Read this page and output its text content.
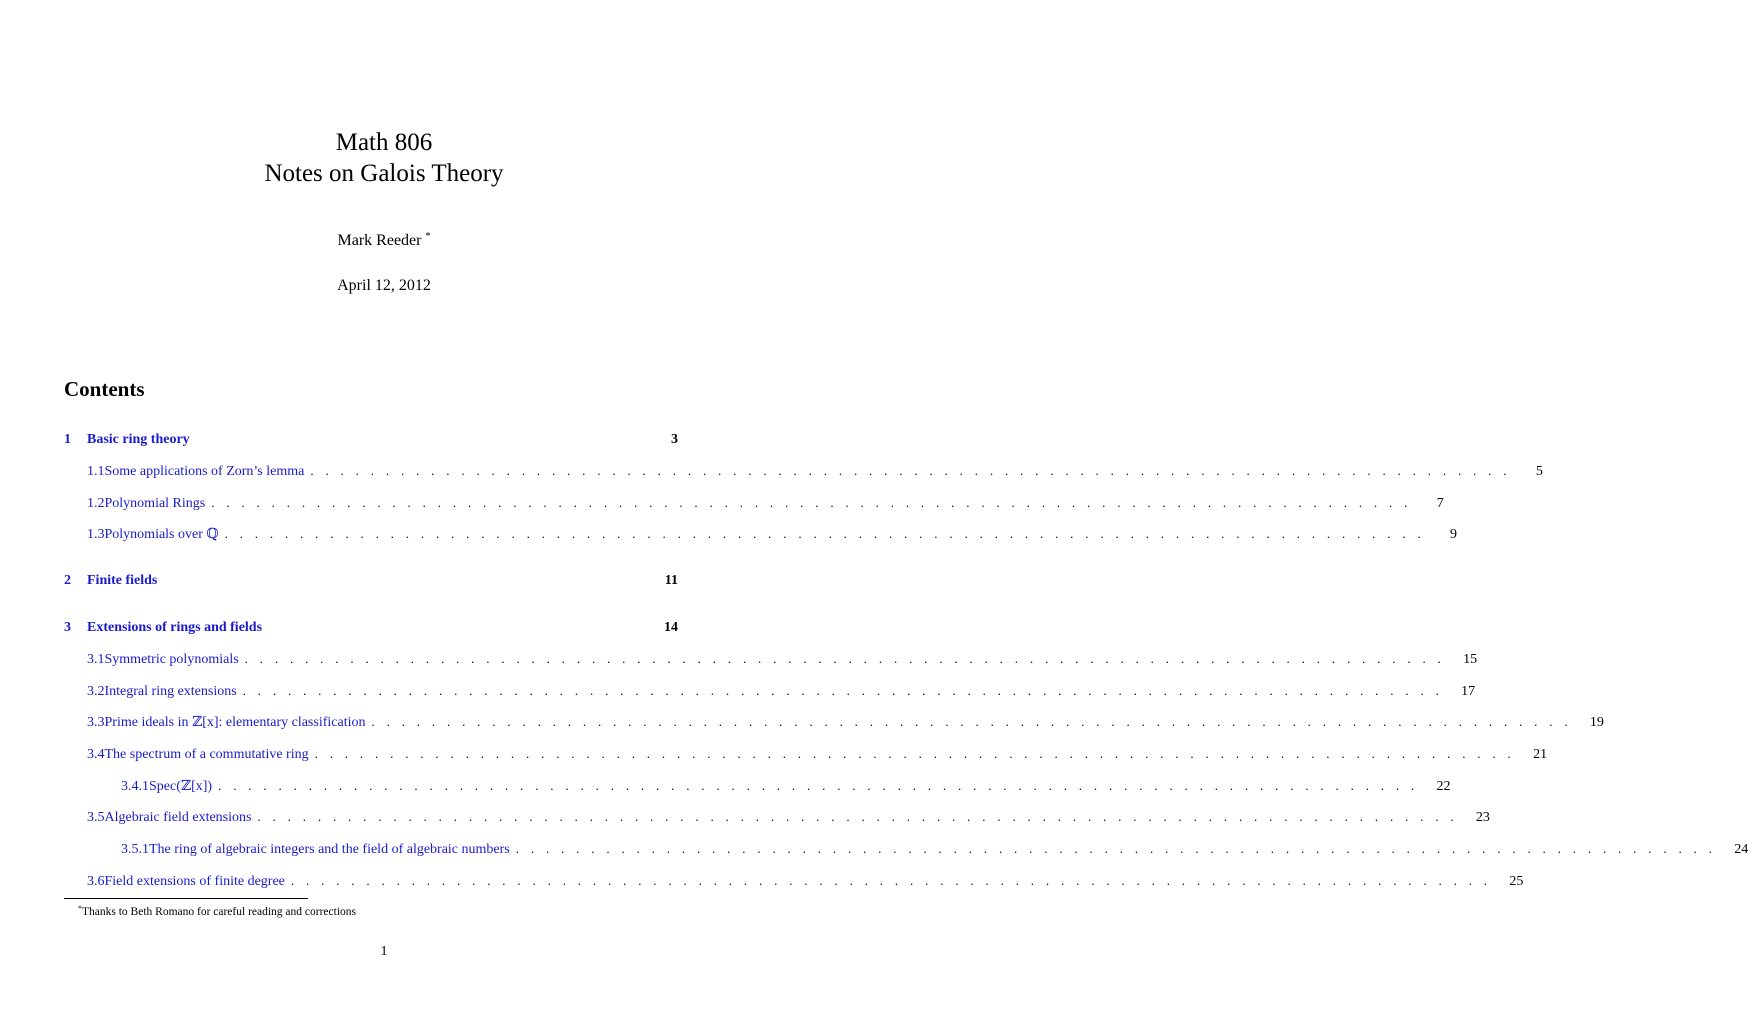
Math 806
Notes on Galois Theory
Mark Reeder *
April 12, 2012
Contents
1	Basic ring theory	3
1.1 Some applications of Zorn’s lemma . . . . . . . . . . . . . . . . . . . . . . . . . . . . . . . . . . . . . . . . . . . . . . . . . . . . . . . . . . . . . . . . . . . . . . . . . . . . . . . .	5
1.2 Polynomial Rings . . . . . . . . . . . . . . . . . . . . . . . . . . . . . . . . . . . . . . . . . . . . . . . . . . . . . . . . . . . . . . . . . . . . . . . . . . . . . . . .	7
1.3 Polynomials over ℚ . . . . . . . . . . . . . . . . . . . . . . . . . . . . . . . . . . . . . . . . . . . . . . . . . . . . . . . . . . . . . . . . . . . . . . . . . . . . . . . .	9
2	Finite fields	11
3	Extensions of rings and fields	14
3.1 Symmetric polynomials . . . . . . . . . . . . . . . . . . . . . . . . . . . . . . . . . . . . . . . . . . . . . . . . . . . . . . . . . . . . . . . . . . . . . . . . . . . . . . . .	15
3.2 Integral ring extensions . . . . . . . . . . . . . . . . . . . . . . . . . . . . . . . . . . . . . . . . . . . . . . . . . . . . . . . . . . . . . . . . . . . . . . . . . . . . . . . .	17
3.3 Prime ideals in ℤ[x]: elementary classification . . . . . . . . . . . . . . . . . . . . . . . . . . . . . . . . . . . . . . . . . . . . . . . . . . . . . . . . . . . . . . . . . . . . . . . . . . . . . . . .	19
3.4 The spectrum of a commutative ring . . . . . . . . . . . . . . . . . . . . . . . . . . . . . . . . . . . . . . . . . . . . . . . . . . . . . . . . . . . . . . . . . . . . . . . . . . . . . . . .	21
3.4.1 Spec(ℤ[x]) . . . . . . . . . . . . . . . . . . . . . . . . . . . . . . . . . . . . . . . . . . . . . . . . . . . . . . . . . . . . . . . . . . . . . . . . . . . . . . . .	22
3.5 Algebraic field extensions . . . . . . . . . . . . . . . . . . . . . . . . . . . . . . . . . . . . . . . . . . . . . . . . . . . . . . . . . . . . . . . . . . . . . . . . . . . . . . . .	23
3.5.1 The ring of algebraic integers and the field of algebraic numbers . . . . . . . . . . . . . . . . . . . . . . . . . . . . . . . . . . . . . . . . . . . . . . . . . . . . . . . . . . . . . . . . . . . . . . . . . . . . . . . .	24
3.6 Field extensions of finite degree . . . . . . . . . . . . . . . . . . . . . . . . . . . . . . . . . . . . . . . . . . . . . . . . . . . . . . . . . . . . . . . . . . . . . . . . . . . . . . . .	25
*Thanks to Beth Romano for careful reading and corrections
1
